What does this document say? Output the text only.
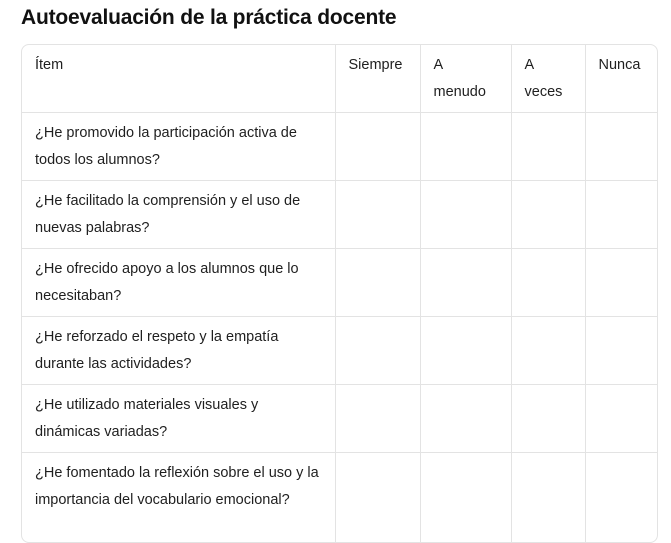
Autoevaluación de la práctica docente
Ítem	Siempre	A menudo	A veces	Nunca
¿He promovido la participación activa de todos los alumnos?				
¿He facilitado la comprensión y el uso de nuevas palabras?				
¿He ofrecido apoyo a los alumnos que lo necesitaban?				
¿He reforzado el respeto y la empatía durante las actividades?				
¿He utilizado materiales visuales y dinámicas variadas?				
¿He fomentado la reflexión sobre el uso y la importancia del vocabulario emocional?				
